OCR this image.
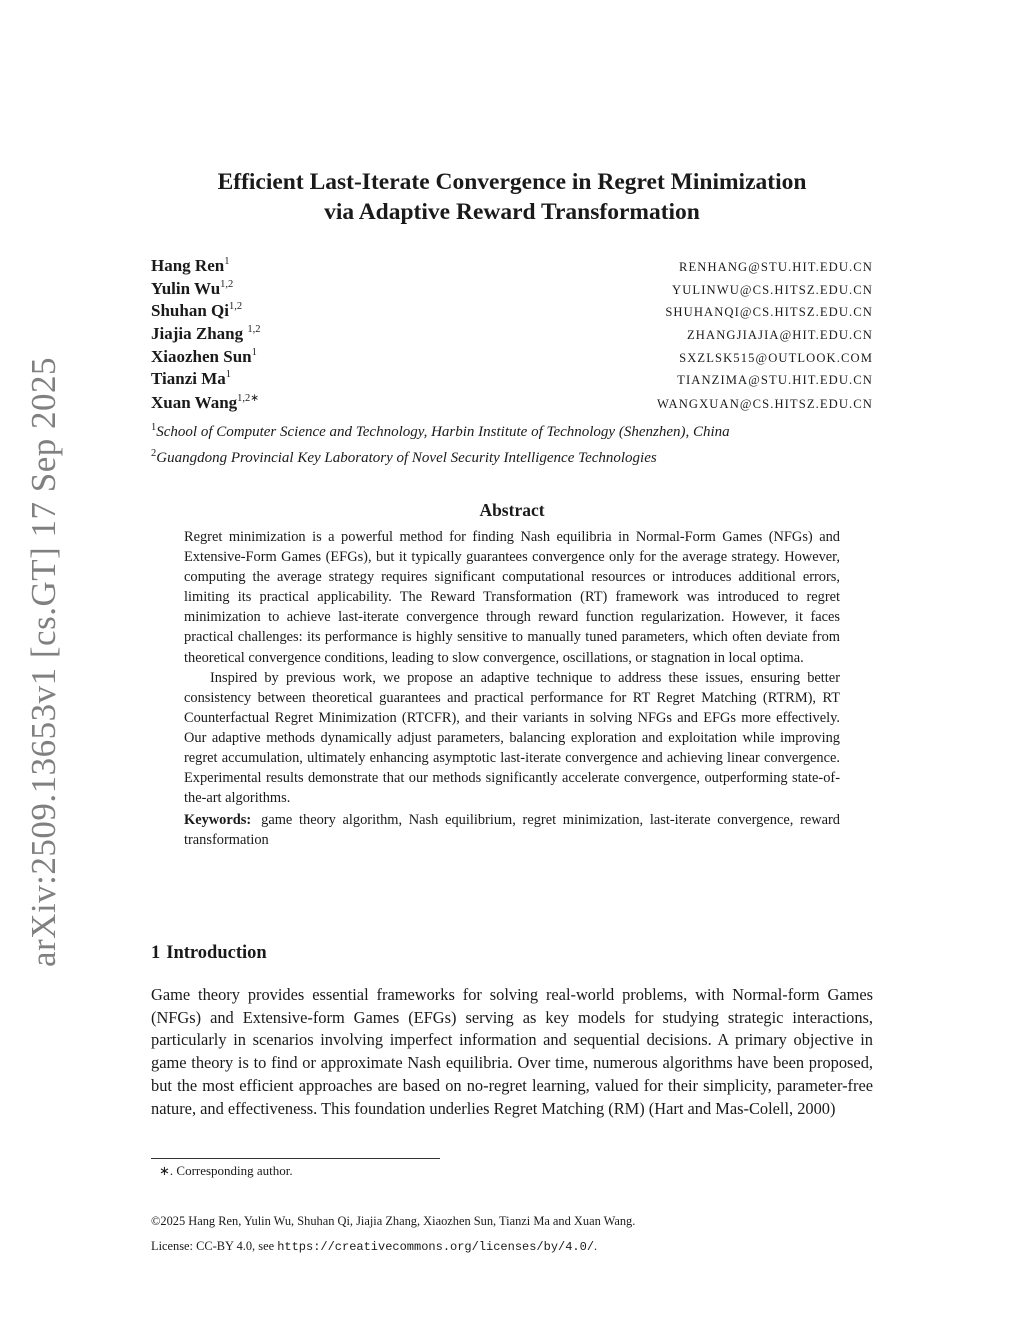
arXiv:2509.13653v1 [cs.GT] 17 Sep 2025
Efficient Last-Iterate Convergence in Regret Minimization
via Adaptive Reward Transformation
Hang Ren$^1$	RENHANG@STU.HIT.EDU.CN
Yulin Wu$^{1,2}$	YULINWU@CS.HITSZ.EDU.CN
Shuhan Qi$^{1,2}$	SHUHANQI@CS.HITSZ.EDU.CN
Jiajia Zhang $^{1,2}$	ZHANGJIAJIA@HIT.EDU.CN
Xiaozhen Sun$^1$	SXZLSK515@OUTLOOK.COM
Tianzi Ma$^1$	TIANZIMA@STU.HIT.EDU.CN
Xuan Wang$^{1,2∗}$	WANGXUAN@CS.HITSZ.EDU.CN
$^1$School of Computer Science and Technology, Harbin Institute of Technology (Shenzhen), China
$^2$Guangdong Provincial Key Laboratory of Novel Security Intelligence Technologies
Abstract

Regret minimization is a powerful method for finding Nash equilibria in Normal-Form Games (NFGs) and Extensive-Form Games (EFGs), but it typically guarantees convergence only for the average strategy. However, computing the average strategy requires significant computational resources or introduces additional errors, limiting its practical applicability. The Reward Transformation (RT) framework was introduced to regret minimization to achieve last-iterate convergence through reward function regularization. However, it faces practical challenges: its performance is highly sensitive to manually tuned parameters, which often deviate from theoretical convergence conditions, leading to slow convergence, oscillations, or stagnation in local optima.

Inspired by previous work, we propose an adaptive technique to address these issues, ensuring better consistency between theoretical guarantees and practical performance for RT Regret Matching (RTRM), RT Counterfactual Regret Minimization (RTCFR), and their variants in solving NFGs and EFGs more effectively. Our adaptive methods dynamically adjust parameters, balancing exploration and exploitation while improving regret accumulation, ultimately enhancing asymptotic last-iterate convergence and achieving linear convergence. Experimental results demonstrate that our methods significantly accelerate convergence, outperforming state-of-the-art algorithms.

Keywords: game theory algorithm, Nash equilibrium, regret minimization, last-iterate convergence, reward transformation
1 Introduction

Game theory provides essential frameworks for solving real-world problems, with Normal-form Games (NFGs) and Extensive-form Games (EFGs) serving as key models for studying strategic interactions, particularly in scenarios involving imperfect information and sequential decisions. A primary objective in game theory is to find or approximate Nash equilibria. Over time, numerous algorithms have been proposed, but the most efficient approaches are based on no-regret learning, valued for their simplicity, parameter-free nature, and effectiveness. This foundation underlies Regret Matching (RM) (Hart and Mas-Colell, 2000)

∗. Corresponding author.
©2025 Hang Ren, Yulin Wu, Shuhan Qi, Jiajia Zhang, Xiaozhen Sun, Tianzi Ma and Xuan Wang.
License: CC-BY 4.0, see https://creativecommons.org/licenses/by/4.0/.
